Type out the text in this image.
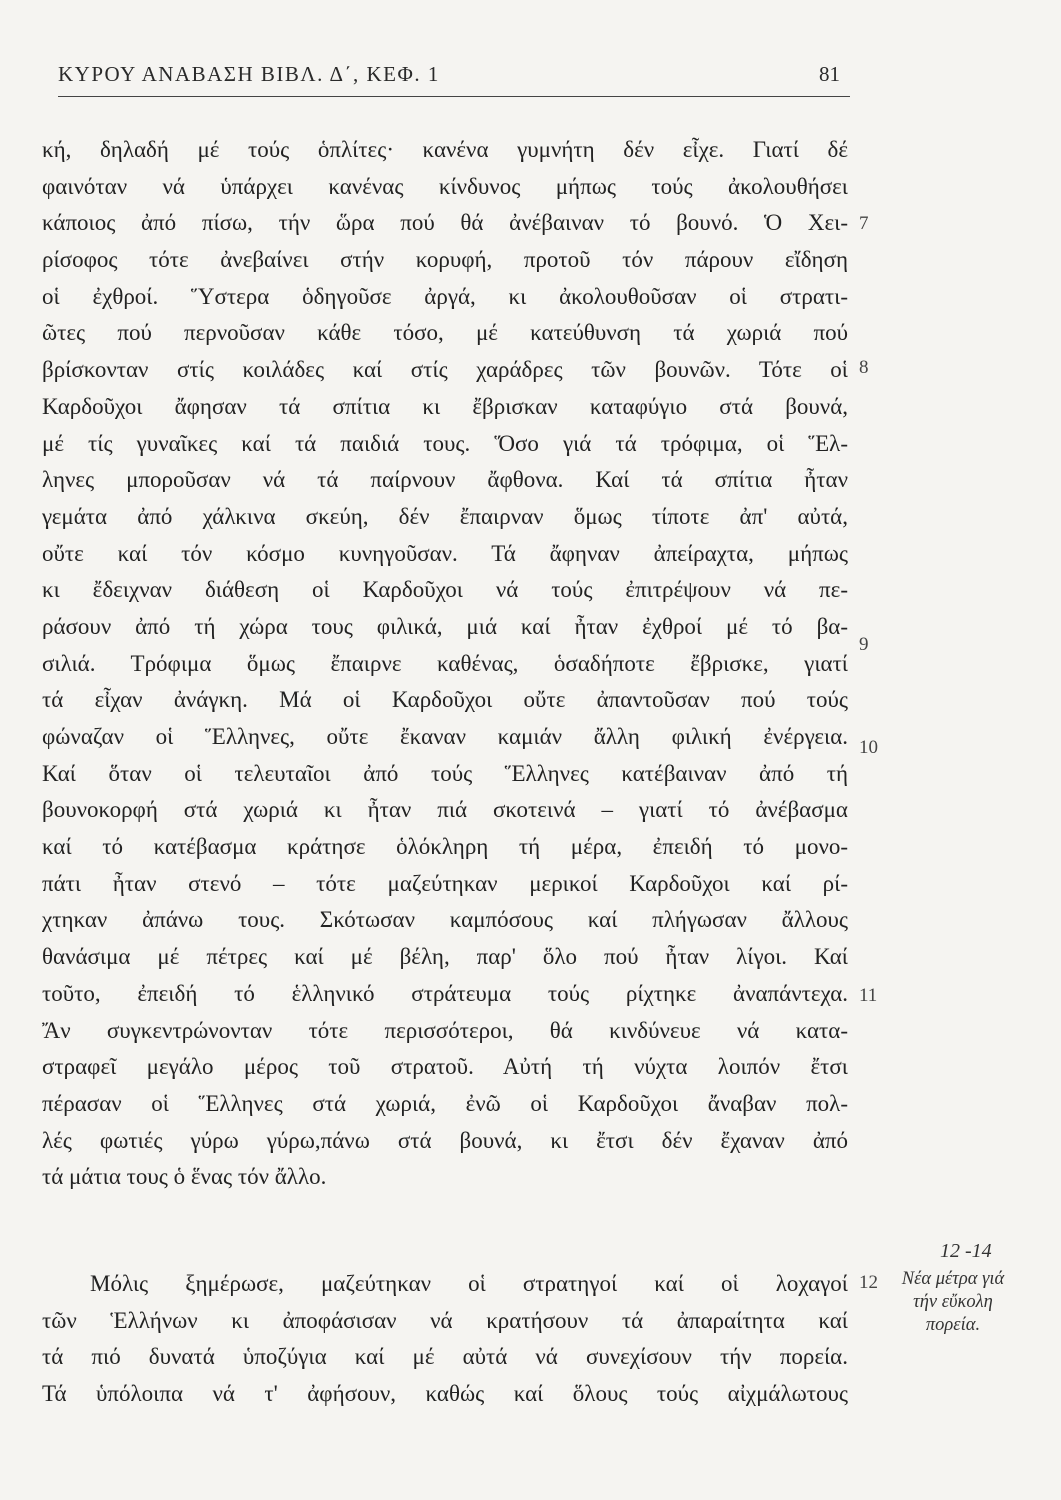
ΚΥΡΟΥ ΑΝΑΒΑΣΗ ΒΙΒΛ. Δ΄, ΚΕΦ. 1	81
κή, δηλαδή μέ τούς ὁπλίτες· κανένα γυμνήτη δέν εἶχε. Γιατί δέ
φαινόταν νά ὑπάρχει κανένας κίνδυνος μήπως τούς ἀκολουθήσει
κάποιος ἀπό πίσω, τήν ὥρα πού θά ἀνέβαιναν τό βουνό. Ὁ Χει-
ρίσοφος τότε ἀνεβαίνει στήν κορυφή, προτοῦ τόν πάρουν εἴδηση
οἱ ἐχθροί. Ὕστερα ὁδηγοῦσε ἀργά, κι ἀκολουθοῦσαν οἱ στρατι-
ῶτες πού περνοῦσαν κάθε τόσο, μέ κατεύθυνση τά χωριά πού
βρίσκονταν στίς κοιλάδες καί στίς χαράδρες τῶν βουνῶν. Τότε οἱ
Καρδοῦχοι ἄφησαν τά σπίτια κι ἔβρισκαν καταφύγιο στά βουνά,
μέ τίς γυναῖκες καί τά παιδιά τους. Ὅσο γιά τά τρόφιμα, οἱ Ἕλ-
ληνες μποροῦσαν νά τά παίρνουν ἄφθονα. Καί τά σπίτια ἦταν
γεμάτα ἀπό χάλκινα σκεύη, δέν ἔπαιρναν ὅμως τίποτε ἀπ' αὐτά,
οὔτε καί τόν κόσμο κυνηγοῦσαν. Τά ἄφηναν ἀπείραχτα, μήπως
κι ἔδειχναν διάθεση οἱ Καρδοῦχοι νά τούς ἐπιτρέψουν νά πε-
ράσουν ἀπό τή χώρα τους φιλικά, μιά καί ἦταν ἐχθροί μέ τό βα-
σιλιά. Τρόφιμα ὅμως ἔπαιρνε καθένας, ὁσαδήποτε ἔβρισκε, γιατί
τά εἶχαν ἀνάγκη. Μά οἱ Καρδοῦχοι οὔτε ἀπαντοῦσαν πού τούς
φώναζαν οἱ Ἕλληνες, οὔτε ἔκαναν καμιάν ἄλλη φιλική ἐνέργεια.
Καί ὅταν οἱ τελευταῖοι ἀπό τούς Ἕλληνες κατέβαιναν ἀπό τή
βουνοκορφή στά χωριά κι ἦταν πιά σκοτεινά – γιατί τό ἀνέβασμα
καί τό κατέβασμα κράτησε ὁλόκληρη τή μέρα, ἐπειδή τό μονο-
πάτι ἦταν στενό – τότε μαζεύτηκαν μερικοί Καρδοῦχοι καί ρί-
χτηκαν ἀπάνω τους. Σκότωσαν καμπόσους καί πλήγωσαν ἄλλους
θανάσιμα μέ πέτρες καί μέ βέλη, παρ' ὅλο πού ἦταν λίγοι. Καί
τοῦτο, ἐπειδή τό ἑλληνικό στράτευμα τούς ρίχτηκε ἀναπάντεχα.
Ἄν συγκεντρώνονταν τότε περισσότεροι, θά κινδύνευε νά κατα-
στραφεῖ μεγάλο μέρος τοῦ στρατοῦ. Αὐτή τή νύχτα λοιπόν ἔτσι
πέρασαν οἱ Ἕλληνες στά χωριά, ἐνῶ οἱ Καρδοῦχοι ἄναβαν πολ-
λές φωτιές γύρω γύρω,πάνω στά βουνά, κι ἔτσι δέν ἔχαναν ἀπό
τά μάτια τους ὁ ἕνας τόν ἄλλο.
7
8
9
10
11
12
Μόλις ξημέρωσε, μαζεύτηκαν οἱ στρατηγοί καί οἱ λοχαγοί
τῶν Ἑλλήνων κι ἀποφάσισαν νά κρατήσουν τά ἀπαραίτητα καί
τά πιό δυνατά ὑποζύγια καί μέ αὐτά νά συνεχίσουν τήν πορεία.
Τά ὑπόλοιπα νά τ' ἀφήσουν, καθώς καί ὅλους τούς αἰχμάλωτους
12 -14
Νέα μέτρα γιά
τήν εὔκολη
πορεία.
